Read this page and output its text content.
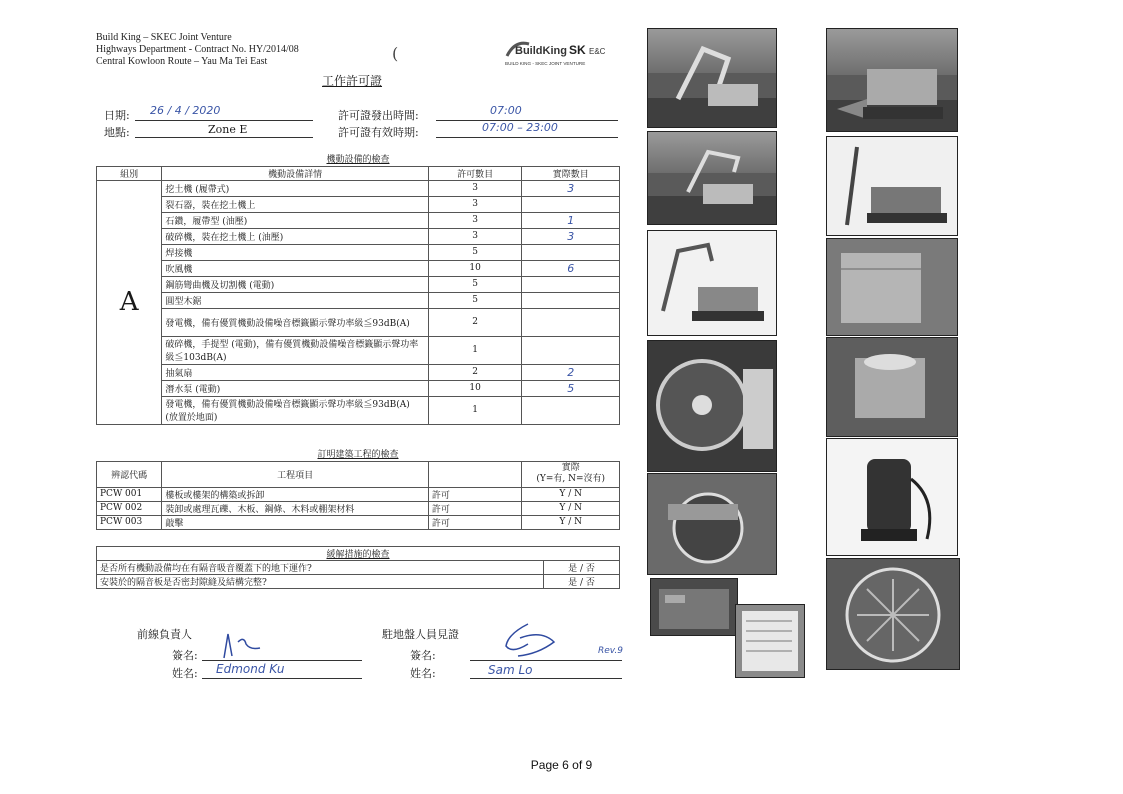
Build King – SKEC Joint Venture
Highways Department - Contract No. HY/2014/08
Central Kowloon Route – Yau Ma Tei East	(	BuildKing SK E&C
BUILD KING - SKEC JOINT VENTURE
工作許可證
日期: 26 / 4 / 2020
地點:	Zone E
許可證發出時間:	07:00
許可證有效時期:	07:00 – 23:00
機動設備的檢查			
組別	機動設備詳情	許可數目	實際數目
A	挖土機 (履帶式)	3	3
	裂石器，裝在挖土機上	3	
	石鑽，履帶型 (油壓)	3	1
	破碎機，裝在挖土機上 (油壓)	3	3
	焊接機	5	
	吹風機	10	6
	鋼筋彎曲機及切割機 (電動)	5	
	圓型木鋸	5	
	發電機，備有優質機動設備噪音標籤顯示聲功率級≦93dB(A)	2	
	破碎機，手提型 (電動)，備有優質機動設備噪音標籤顯示聲功率級≦103dB(A)	1	
	抽氣扇	2	2
	潛水泵 (電動)	10	5
	發電機，備有優質機動設備噪音標籤顯示聲功率級≦93dB(A) (放置於地面)	1	
訂明建築工程的檢查			
辨認代碼	工程項目		實際
(Y=有, N=沒有)

PCW 001	樓板或樓架的構築或拆卸	許可	Y / N
PCW 002	裝卸或處理瓦礫、木板、鋼條、木料或棚架材料	許可	Y / N
PCW 003	敲擊	許可	Y / N
緩解措施的檢查	
是否所有機動設備均在有隔音吸音覆蓋下的地下運作?	是 / 否
安裝於的隔音板是否密封隙縫及結構完整?	是 / 否
前線負責人
簽名:
姓名: Edmond Ku
駐地盤人員見證
簽名:	Rev.9
姓名:	Sam Lo
Page 6 of 9
